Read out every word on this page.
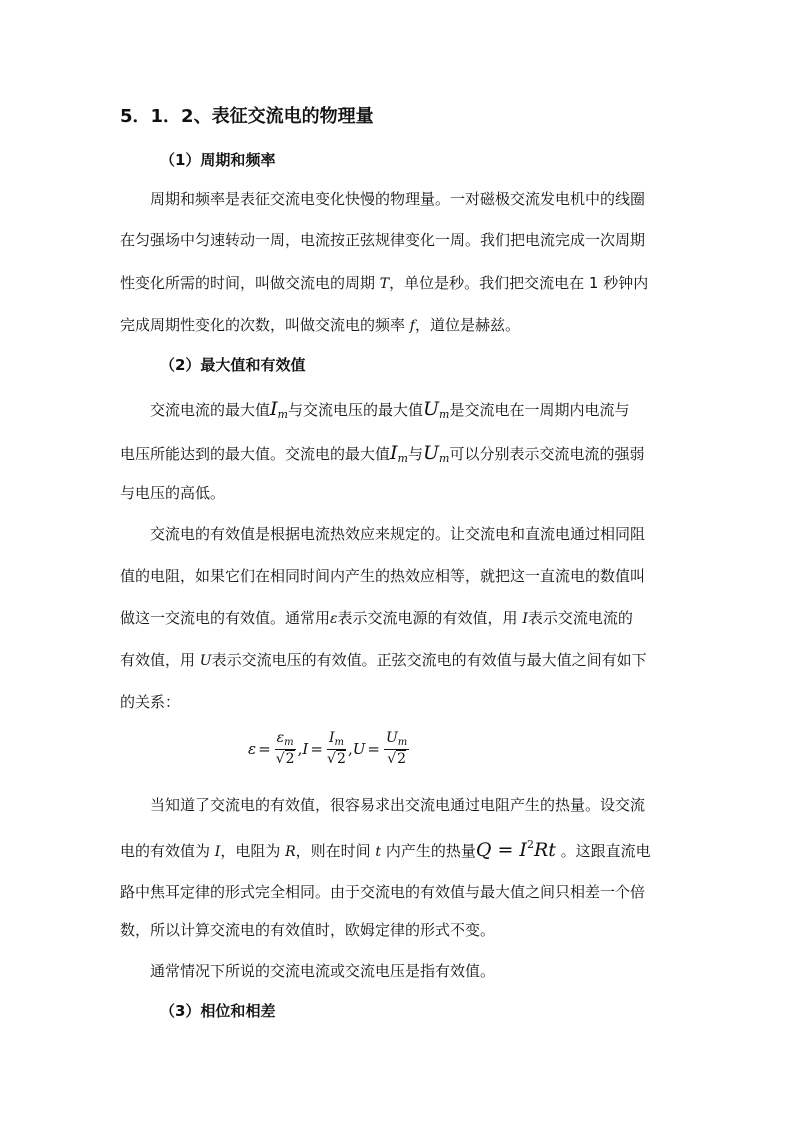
5．1．2、表征交流电的物理量
（1）周期和频率
周期和频率是表征交流电变化快慢的物理量。一对磁极交流发电机中的线圈
在匀强场中匀速转动一周，电流按正弦规律变化一周。我们把电流完成一次周期
性变化所需的时间，叫做交流电的周期 T，单位是秒。我们把交流电在 1 秒钟内
完成周期性变化的次数，叫做交流电的频率 f，道位是赫兹。
（2）最大值和有效值
交流电流的最大值$I_m$与交流电压的最大值$U_m$是交流电在一周期内电流与
电压所能达到的最大值。交流电的最大值$I_m$与$U_m$可以分别表示交流电流的强弱
与电压的高低。
交流电的有效值是根据电流热效应来规定的。让交流电和直流电通过相同阻
值的电阻，如果它们在相同时间内产生的热效应相等，就把这一直流电的数值叫
做这一交流电的有效值。通常用ε表示交流电源的有效值，用 I表示交流电流的
有效值，用 U表示交流电压的有效值。正弦交流电的有效值与最大值之间有如下
的关系：
$\varepsilon = \frac{\varepsilon_m}{√2}$ , $I = \frac{I_m}{√2}$ , $U = \frac{U_m}{√2}$
当知道了交流电的有效值，很容易求出交流电通过电阻产生的热量。设交流
电的有效值为 I，电阻为 R，则在时间 t 内产生的热量$Q = I^2Rt$ 。这跟直流电
路中焦耳定律的形式完全相同。由于交流电的有效值与最大值之间只相差一个倍
数，所以计算交流电的有效值时，欧姆定律的形式不变。
通常情况下所说的交流电流或交流电压是指有效值。
（3）相位和相差
